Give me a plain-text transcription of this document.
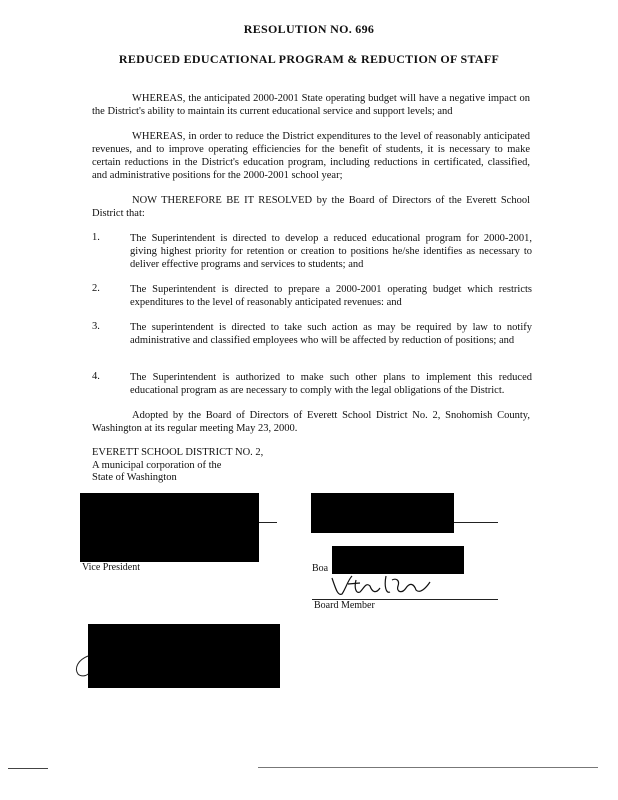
RESOLUTION NO. 696
REDUCED EDUCATIONAL PROGRAM & REDUCTION OF STAFF
WHEREAS, the anticipated 2000-2001 State operating budget will have a negative impact on the District's ability to maintain its current educational service and support levels; and
WHEREAS, in order to reduce the District expenditures to the level of reasonably anticipated revenues, and to improve operating efficiencies for the benefit of students, it is necessary to make certain reductions in the District's education program, including reductions in certificated, classified, and administrative positions for the 2000-2001 school year;
NOW THEREFORE BE IT RESOLVED by the Board of Directors of the Everett School District that:
1.	The Superintendent is directed to develop a reduced educational program for 2000-2001, giving highest priority for retention or creation to positions he/she identifies as necessary to deliver effective programs and services to students; and
2.	The Superintendent is directed to prepare a 2000-2001 operating budget which restricts expenditures to the level of reasonably anticipated revenues: and
3.	The superintendent is directed to take such action as may be required by law to notify administrative and classified employees who will be affected by reduction of positions; and
4.	The Superintendent is authorized to make such other plans to implement this reduced educational program as are necessary to comply with the legal obligations of the District.
Adopted by the Board of Directors of Everett School District No. 2, Snohomish County, Washington at its regular meeting May 23, 2000.
EVERETT SCHOOL DISTRICT NO. 2,
A municipal corporation of the
State of Washington
Vice President	Boa
Board Member
